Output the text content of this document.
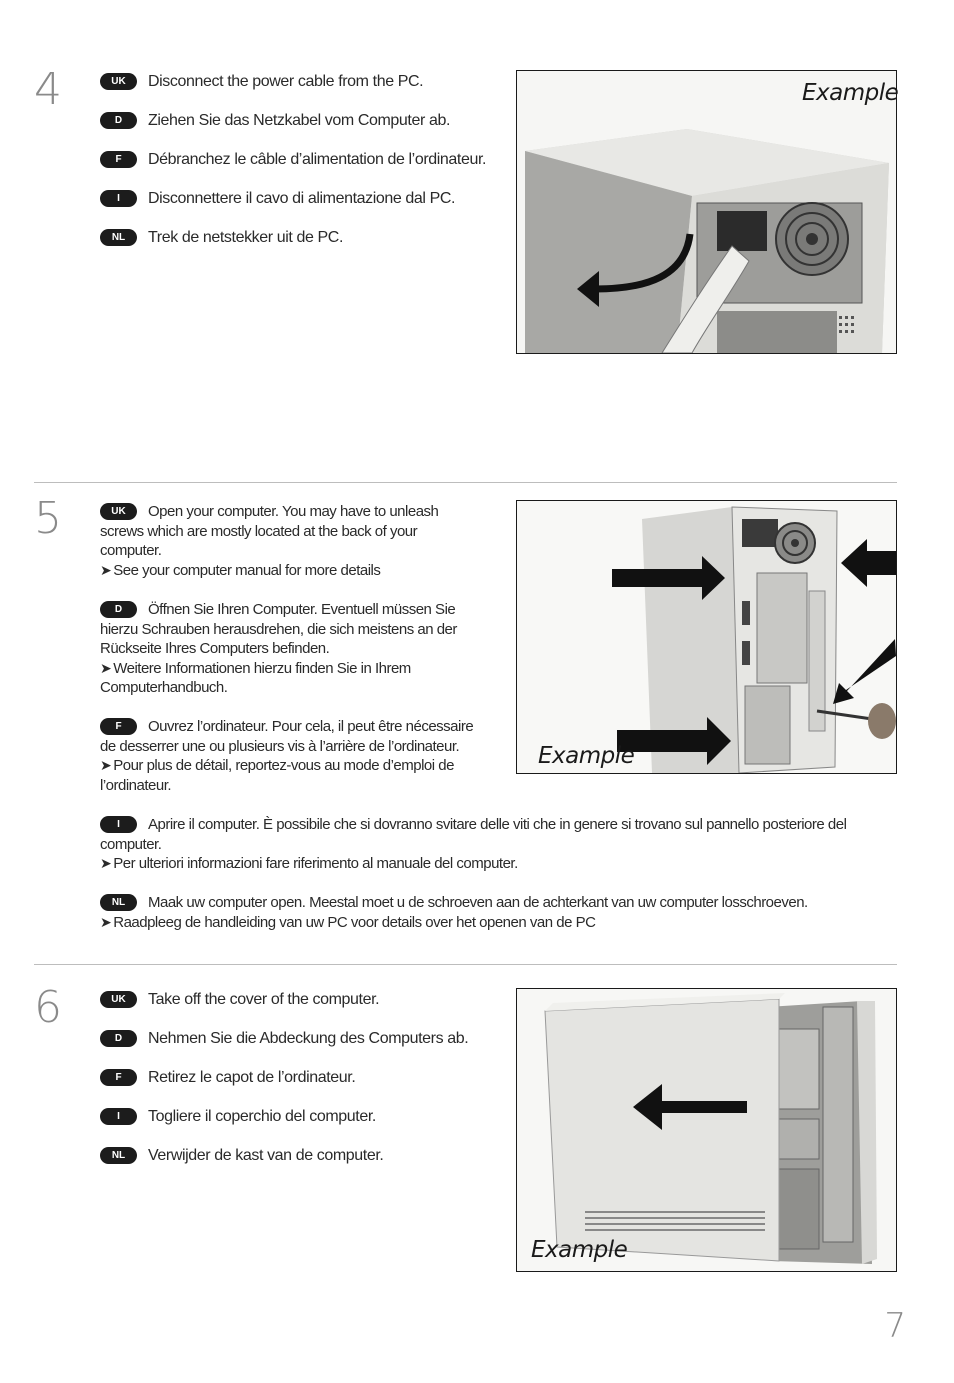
4	UK Disconnect the power cable from the PC.
D Ziehen Sie das Netzkabel vom Computer ab.
F Débranchez le câble d’alimentation de l’ordinateur.
I Disconnettere il cavo di alimentazione dal PC.
NL Trek de netstekker uit de PC.
Example
5	UK Open your computer. You may have to unleash
screws which are mostly located at the back of your
computer.
➤ See your computer manual for more details
D Öffnen Sie Ihren Computer. Eventuell müssen Sie
hierzu Schrauben herausdrehen, die sich meistens an der
Rückseite Ihres Computers befinden.
➤ Weitere Informationen hierzu finden Sie in Ihrem
Computerhandbuch.
F Ouvrez l’ordinateur. Pour cela, il peut être nécessaire
de desserrer une ou plusieurs vis à l’arrière de l’ordinateur.
➤ Pour plus de détail, reportez-vous au mode d’emploi de
l’ordinateur.
I Aprire il computer. È possibile che si dovranno svitare delle viti che in genere si trovano sul pannello posteriore del
computer.
➤ Per ulteriori informazioni fare riferimento al manuale del computer.
NL Maak uw computer open. Meestal moet u de schroeven aan de achterkant van uw computer losschroeven.
➤ Raadpleeg de handleiding van uw PC voor details over het openen van de PC
Example
6	UK Take off the cover of the computer.
D Nehmen Sie die Abdeckung des Computers ab.
F Retirez le capot de l’ordinateur.
I Togliere il coperchio del computer.
NL Verwijder de kast van de computer.
Example
7
